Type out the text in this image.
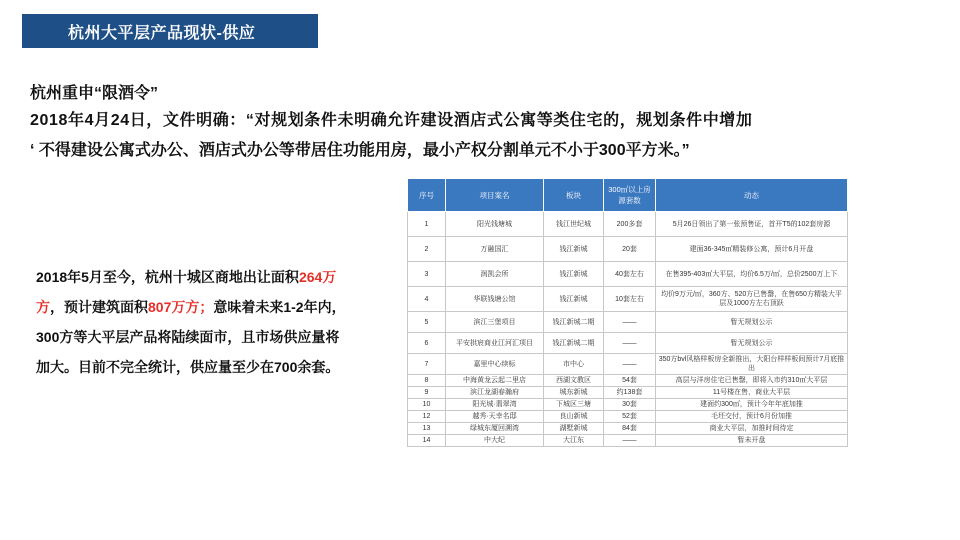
杭州大平层产品现状-供应
杭州重申“限酒令”
2018年4月24日，文件明确：“对规划条件未明确允许建设酒店式公寓等类住宅的，规划条件中增加
‘ 不得建设公寓式办公、酒店式办公等带居住功能用房，最小产权分割单元不小于300平方米。”
2018年5月至今，杭州十城区商地出让面积264万
方，预计建筑面积807万方；意味着未来1-2年内，
300方等大平层产品将陆续面市，且市场供应量将
加大。目前不完全统计，供应量至少在700余套。
序号	项目案名	板块	300㎡以上房源套数	动态
1	阳光钱塘城	钱江世纪城	200多套	5月26日领出了第一张预售证，首开T5的102套房源
2	万融国汇	钱江新城	20套	建面36-345㎡精装修公寓，预计6月开盘
3	润凯会所	钱江新城	40套左右	在售395-403㎡大平层，均价6.5万/㎡，总价2500万上下
4	华联钱塘公馆	钱江新城	10套左右	均价9万元/㎡，360方、520方已售罄，在售650方精装大平层及1000方左右顶跃
5	滨江三堡项目	钱江新城二期	——	暂无规划公示
6	平安拱宸商业江河汇项目	钱江新城二期	——	暂无规划公示
7	嘉里中心续标	市中心	——	350方bvl风格样板房全新推出，大阳台样样板间预计7月底推出
8	中海黄龙云起二里店	西湖文教区	54套	高层与洋房住宅已售罄，即将入市约310㎡大平层
9	滨江龙湖春瀚府	城东新城	约138套	11号楼在售，商业大平层
10	阳光城·翡翠湾	下城区三塘	30套	建面约300㎡，预计今年年底加推
12	越秀·天幸名邸	良山新城	52套	毛坯交付，预计6月份加推
13	绿城东厦回溯湾	湖墅新城	84套	商业大平层，加推时间待定
14	中大纪	大江东	——	暂未开盘
